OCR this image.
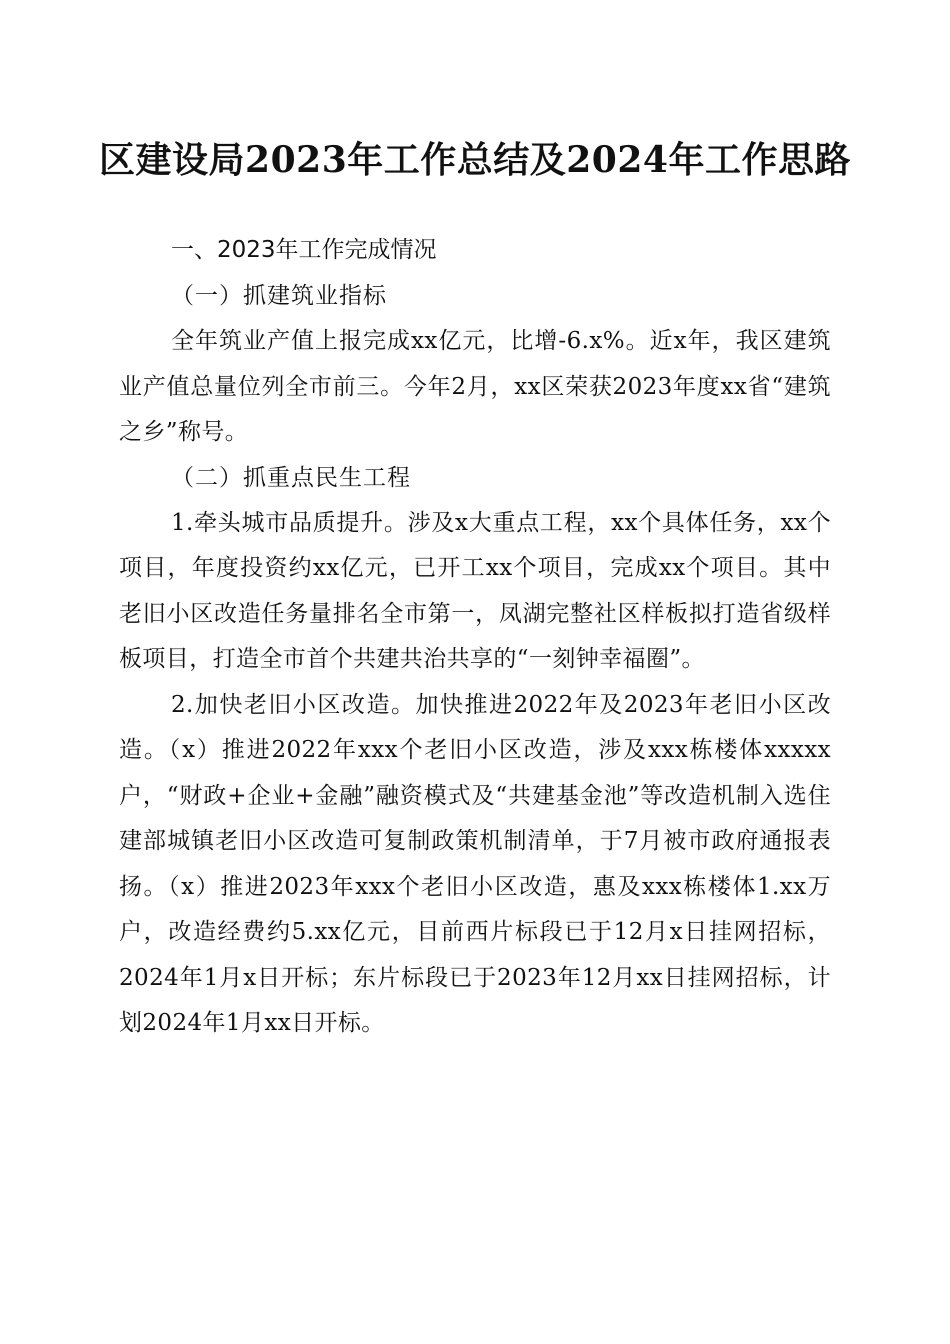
区建设局2023年工作总结及2024年工作思路

一、2023年工作完成情况

（一）抓建筑业指标

全年筑业产值上报完成xx亿元，比增-6.x%。近x年，我区建筑业产值总量位列全市前三。今年2月，xx区荣获2023年度xx省“建筑之乡”称号。

（二）抓重点民生工程

1.牵头城市品质提升。涉及x大重点工程，xx个具体任务，xx个项目，年度投资约xx亿元，已开工xx个项目，完成xx个项目。其中老旧小区改造任务量排名全市第一，凤湖完整社区样板拟打造省级样板项目，打造全市首个共建共治共享的“一刻钟幸福圈”。

2.加快老旧小区改造。加快推进2022年及2023年老旧小区改造。（x）推进2022年xxx个老旧小区改造，涉及xxx栋楼体xxxxx户，“财政+企业+金融”融资模式及“共建基金池”等改造机制入选住建部城镇老旧小区改造可复制政策机制清单，于7月被市政府通报表扬。（x）推进2023年xxx个老旧小区改造，惠及xxx栋楼体1.xx万户，改造经费约5.xx亿元，目前西片标段已于12月x日挂网招标，2024年1月x日开标；东片标段已于2023年12月xx日挂网招标，计划2024年1月xx日开标。
